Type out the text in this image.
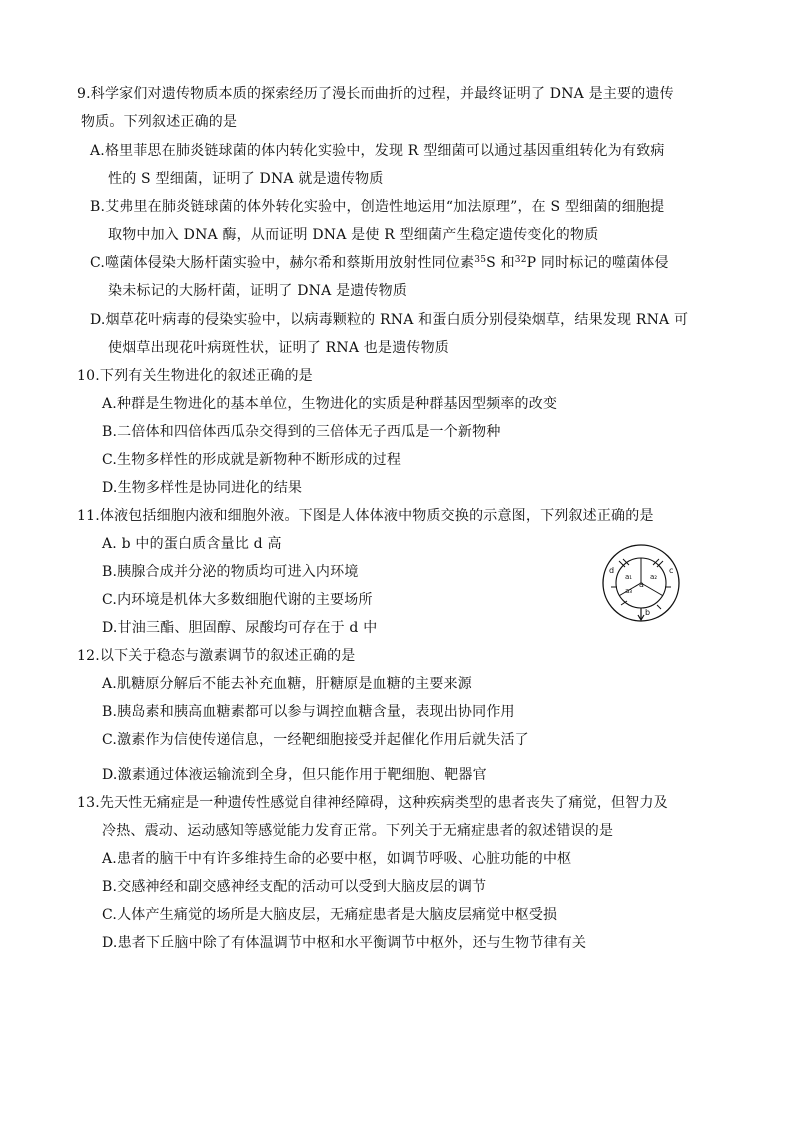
9.科学家们对遗传物质本质的探索经历了漫长而曲折的过程，并最终证明了 DNA 是主要的遗传
物质。下列叙述正确的是
A.格里菲思在肺炎链球菌的体内转化实验中，发现 R 型细菌可以通过基因重组转化为有致病
性的 S 型细菌，证明了 DNA 就是遗传物质
B.艾弗里在肺炎链球菌的体外转化实验中，创造性地运用“加法原理”，在 S 型细菌的细胞提
取物中加入 DNA 酶，从而证明 DNA 是使 R 型细菌产生稳定遗传变化的物质
C.噬菌体侵染大肠杆菌实验中，赫尔希和蔡斯用放射性同位素$^{35}$S 和$^{32}$P 同时标记的噬菌体侵
染未标记的大肠杆菌，证明了 DNA 是遗传物质
D.烟草花叶病毒的侵染实验中，以病毒颗粒的 RNA 和蛋白质分别侵染烟草，结果发现 RNA 可
使烟草出现花叶病斑性状，证明了 RNA 也是遗传物质
10.下列有关生物进化的叙述正确的是
A.种群是生物进化的基本单位，生物进化的实质是种群基因型频率的改变
B.二倍体和四倍体西瓜杂交得到的三倍体无子西瓜是一个新物种
C.生物多样性的形成就是新物种不断形成的过程
D.生物多样性是协同进化的结果
11.体液包括细胞内液和细胞外液。下图是人体体液中物质交换的示意图，下列叙述正确的是
A. b 中的蛋白质含量比 d 高
B.胰腺合成并分泌的物质均可进入内环境
C.内环境是机体大多数细胞代谢的主要场所
D.甘油三酯、胆固醇、尿酸均可存在于 d 中
a
a₁	a₂
a₃
d	c
b
12.以下关于稳态与激素调节的叙述正确的是
A.肌糖原分解后不能去补充血糖，肝糖原是血糖的主要来源
B.胰岛素和胰高血糖素都可以参与调控血糖含量，表现出协同作用
C.激素作为信使传递信息，一经靶细胞接受并起催化作用后就失活了
D.激素通过体液运输流到全身，但只能作用于靶细胞、靶器官
13.先天性无痛症是一种遗传性感觉自律神经障碍，这种疾病类型的患者丧失了痛觉，但智力及
冷热、震动、运动感知等感觉能力发育正常。下列关于无痛症患者的叙述错误的是
A.患者的脑干中有许多维持生命的必要中枢，如调节呼吸、心脏功能的中枢
B.交感神经和副交感神经支配的活动可以受到大脑皮层的调节
C.人体产生痛觉的场所是大脑皮层，无痛症患者是大脑皮层痛觉中枢受损
D.患者下丘脑中除了有体温调节中枢和水平衡调节中枢外，还与生物节律有关
